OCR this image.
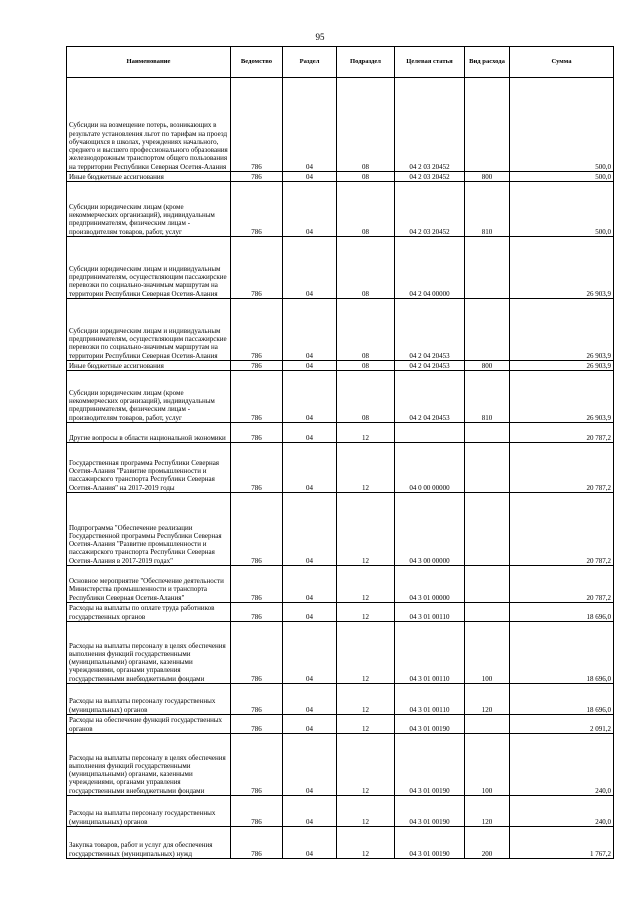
95
Наименование	Ведомство	Раздел	Подраздел	Целевая статья	Вид расхода	Сумма
Субсидии на возмещение потерь, возникающих в результате установления льгот по тарифам на проезд обучающихся в школах, учреждениях начального, среднего и высшего профессионального образования железнодорожным транспортом общего пользования на территории Республики Северная Осетия-Алания	786	04	08	04 2 03 20452		500,0
Иные бюджетные ассигнования	786	04	08	04 2 03 20452	800	500,0
Субсидии юридическим лицам (кроме некоммерческих организаций), индивидуальным предпринимателям, физическим лицам - производителям товаров, работ, услуг	786	04	08	04 2 03 20452	810	500,0
Субсидии юридическим лицам и индивидуальным предпринимателям, осуществляющим пассажирские перевозки по социально-значимым маршрутам на территории Республики Северная Осетия-Алания	786	04	08	04 2 04 00000		26 903,9
Субсидии юридическим лицам и индивидуальным предпринимателям, осуществляющим пассажирские перевозки по социально-значимым маршрутам на территории Республики Северная Осетия-Алания	786	04	08	04 2 04 20453		26 903,9
Иные бюджетные ассигнования	786	04	08	04 2 04 20453	800	26 903,9
Субсидии юридическим лицам (кроме некоммерческих организаций), индивидуальным предпринимателям, физическим лицам - производителям товаров, работ, услуг	786	04	08	04 2 04 20453	810	26 903,9
Другие вопросы в области национальной экономики	786	04	12			20 787,2
Государственная программа Республики Северная Осетия-Алания "Развитие промышленности и пассажирского транспорта Республики Северная Осетия-Алания" на 2017-2019 годы	786	04	12	04 0 00 00000		20 787,2
Подпрограмма "Обеспечение реализации Государственной программы Республики Северная Осетия-Алания "Развитие промышленности и пассажирского транспорта Республики Северная Осетия-Алания в 2017-2019 годах"	786	04	12	04 3 00 00000		20 787,2
Основное мероприятие "Обеспечение деятельности Министерства промышленности и транспорта Республики Северная Осетия-Алания"	786	04	12	04 3 01 00000		20 787,2
Расходы на выплаты по оплате труда работников государственных органов	786	04	12	04 3 01 00110		18 696,0
Расходы на выплаты персоналу в целях обеспечения выполнения функций государственными (муниципальными) органами, казенными учреждениями, органами управления государственными внебюджетными фондами	786	04	12	04 3 01 00110	100	18 696,0
Расходы на выплаты персоналу государственных (муниципальных) органов	786	04	12	04 3 01 00110	120	18 696,0
Расходы на обеспечение функций государственных органов	786	04	12	04 3 01 00190		2 091,2
Расходы на выплаты персоналу в целях обеспечения выполнения функций государственными (муниципальными) органами, казенными учреждениями, органами управления государственными внебюджетными фондами	786	04	12	04 3 01 00190	100	240,0
Расходы на выплаты персоналу государственных (муниципальных) органов	786	04	12	04 3 01 00190	120	240,0
Закупка товаров, работ и услуг для обеспечения государственных (муниципальных) нужд	786	04	12	04 3 01 00190	200	1 767,2
